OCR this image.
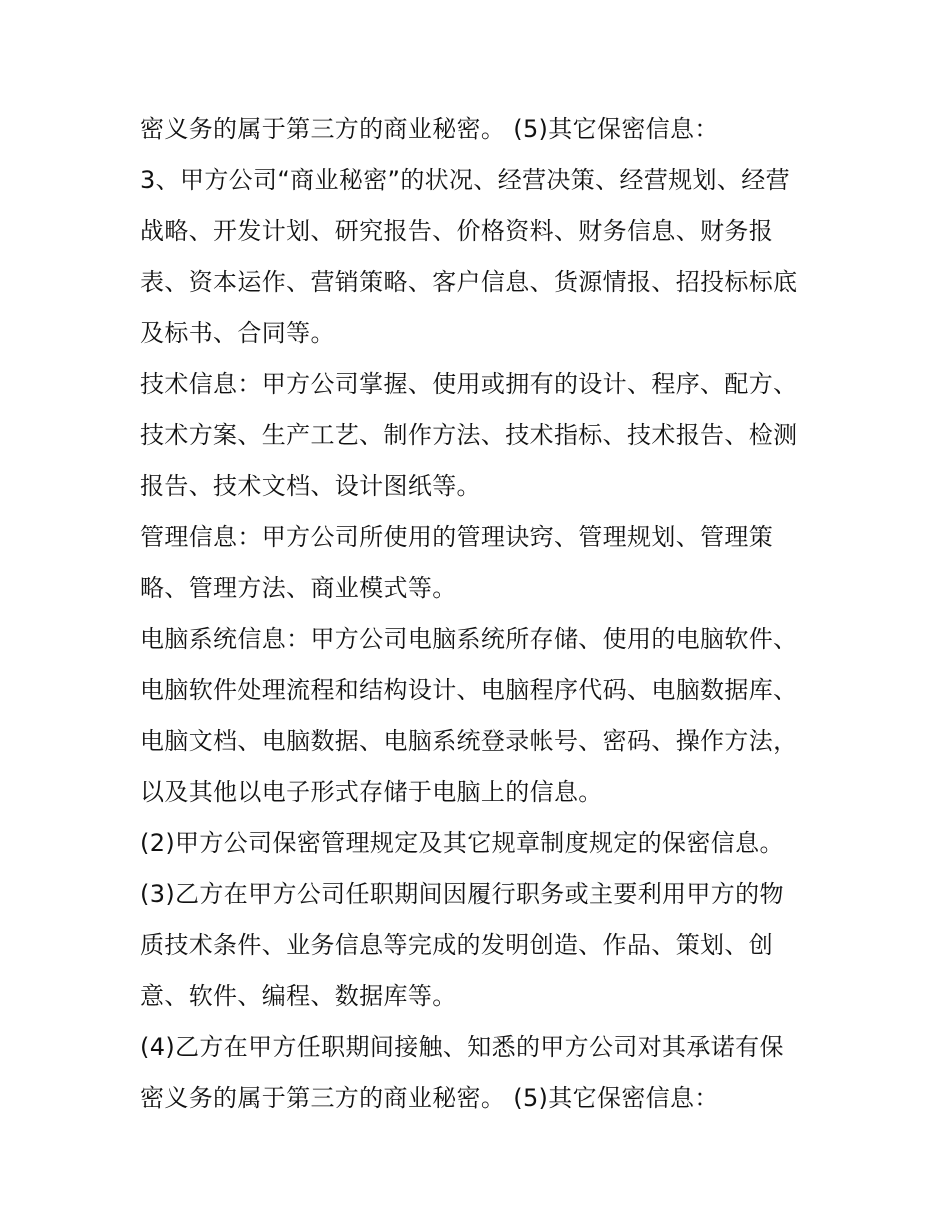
密义务的属于第三方的商业秘密。 (5)其它保密信息：
3、甲方公司“商业秘密”的状况、经营决策、经营规划、经营
战略、开发计划、研究报告、价格资料、财务信息、财务报
表、资本运作、营销策略、客户信息、货源情报、招投标标底
及标书、合同等。
技术信息：甲方公司掌握、使用或拥有的设计、程序、配方、
技术方案、生产工艺、制作方法、技术指标、技术报告、检测
报告、技术文档、设计图纸等。
管理信息：甲方公司所使用的管理诀窍、管理规划、管理策
略、管理方法、商业模式等。
电脑系统信息：甲方公司电脑系统所存储、使用的电脑软件、
电脑软件处理流程和结构设计、电脑程序代码、电脑数据库、
电脑文档、电脑数据、电脑系统登录帐号、密码、操作方法，
以及其他以电子形式存储于电脑上的信息。
(2)甲方公司保密管理规定及其它规章制度规定的保密信息。
(3)乙方在甲方公司任职期间因履行职务或主要利用甲方的物
质技术条件、业务信息等完成的发明创造、作品、策划、创
意、软件、编程、数据库等。
(4)乙方在甲方任职期间接触、知悉的甲方公司对其承诺有保
密义务的属于第三方的商业秘密。 (5)其它保密信息：
